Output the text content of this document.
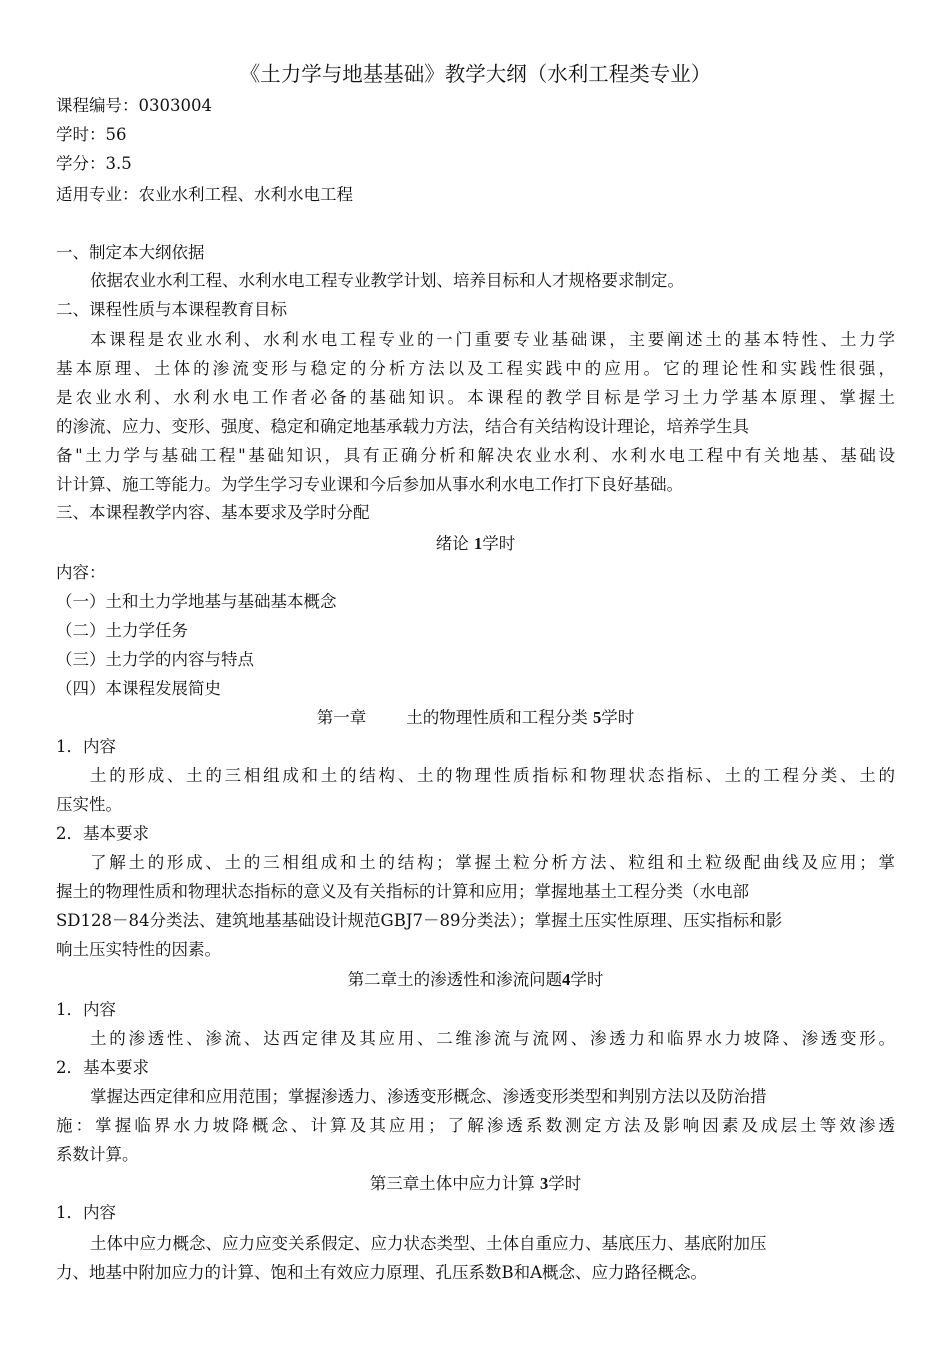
《土力学与地基基础》教学大纲（水利工程类专业）
课程编号：0303004
学时：56
学分：3.5
适用专业：农业水利工程、水利水电工程
一、制定本大纲依据
依据农业水利工程、水利水电工程专业教学计划、培养目标和人才规格要求制定。
二、课程性质与本课程教育目标
本课程是农业水利、水利水电工程专业的一门重要专业基础课，主要阐述土的基本特性、土力学
基本原理、土体的渗流变形与稳定的分析方法以及工程实践中的应用。它的理论性和实践性很强，
是农业水利、水利水电工作者必备的基础知识。本课程的教学目标是学习土力学基本原理、掌握土
的渗流、应力、变形、强度、稳定和确定地基承载力方法，结合有关结构设计理论，培养学生具
备"土力学与基础工程"基础知识，具有正确分析和解决农业水利、水利水电工程中有关地基、基础设
计计算、施工等能力。为学生学习专业课和今后参加从事水利水电工作打下良好基础。
三、本课程教学内容、基本要求及学时分配
绪论 1学时
内容：
（一）土和土力学地基与基础基本概念
（二）土力学任务
（三）土力学的内容与特点
（四）本课程发展简史
第一章 土的物理性质和工程分类 5学时
1．内容
土的形成、土的三相组成和土的结构、土的物理性质指标和物理状态指标、土的工程分类、土的
压实性。
2．基本要求
了解土的形成、土的三相组成和土的结构；掌握土粒分析方法、粒组和土粒级配曲线及应用；掌
握土的物理性质和物理状态指标的意义及有关指标的计算和应用；掌握地基土工程分类（水电部
SD128－84分类法、建筑地基基础设计规范GBJ7－89分类法）；掌握土压实性原理、压实指标和影
响土压实特性的因素。
第二章土的渗透性和渗流问题4学时
1．内容
土的渗透性、渗流、达西定律及其应用、二维渗流与流网、渗透力和临界水力坡降、渗透变形。
2．基本要求
掌握达西定律和应用范围；掌握渗透力、渗透变形概念、渗透变形类型和判别方法以及防治措
施：掌握临界水力坡降概念、计算及其应用；了解渗透系数测定方法及影响因素及成层土等效渗透
系数计算。
第三章土体中应力计算 3学时
1．内容
土体中应力概念、应力应变关系假定、应力状态类型、土体自重应力、基底压力、基底附加压
力、地基中附加应力的计算、饱和土有效应力原理、孔压系数B和A概念、应力路径概念。
